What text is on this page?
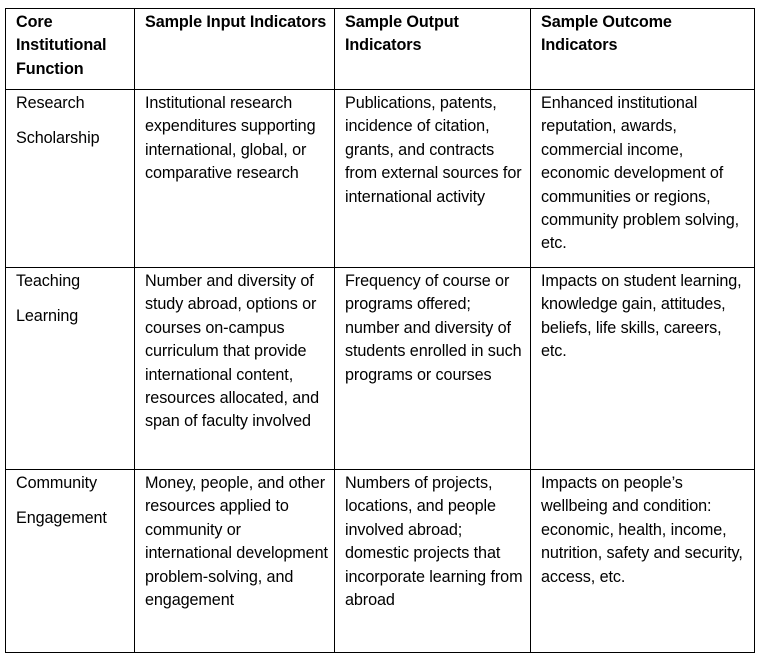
Core Institutional Function	Sample Input Indicators	Sample Output Indicators	Sample Outcome Indicators

Research
Scholarship	Institutional research expenditures supporting international, global, or comparative research	Publications, patents, incidence of citation, grants, and contracts from external sources for international activity	Enhanced institutional reputation, awards, commercial income, economic development of communities or regions, community problem solving, etc.

Teaching
Learning	Number and diversity of study abroad, options or courses on-campus curriculum that provide international content, resources allocated, and span of faculty involved	Frequency of course or programs offered; number and diversity of students enrolled in such programs or courses	Impacts on student learning, knowledge gain, attitudes, beliefs, life skills, careers, etc.

Community
Engagement	Money, people, and other resources applied to community or international development problem-solving, and engagement	Numbers of projects, locations, and people involved abroad; domestic projects that incorporate learning from abroad	Impacts on people’s wellbeing and condition: economic, health, income, nutrition, safety and security, access, etc.
